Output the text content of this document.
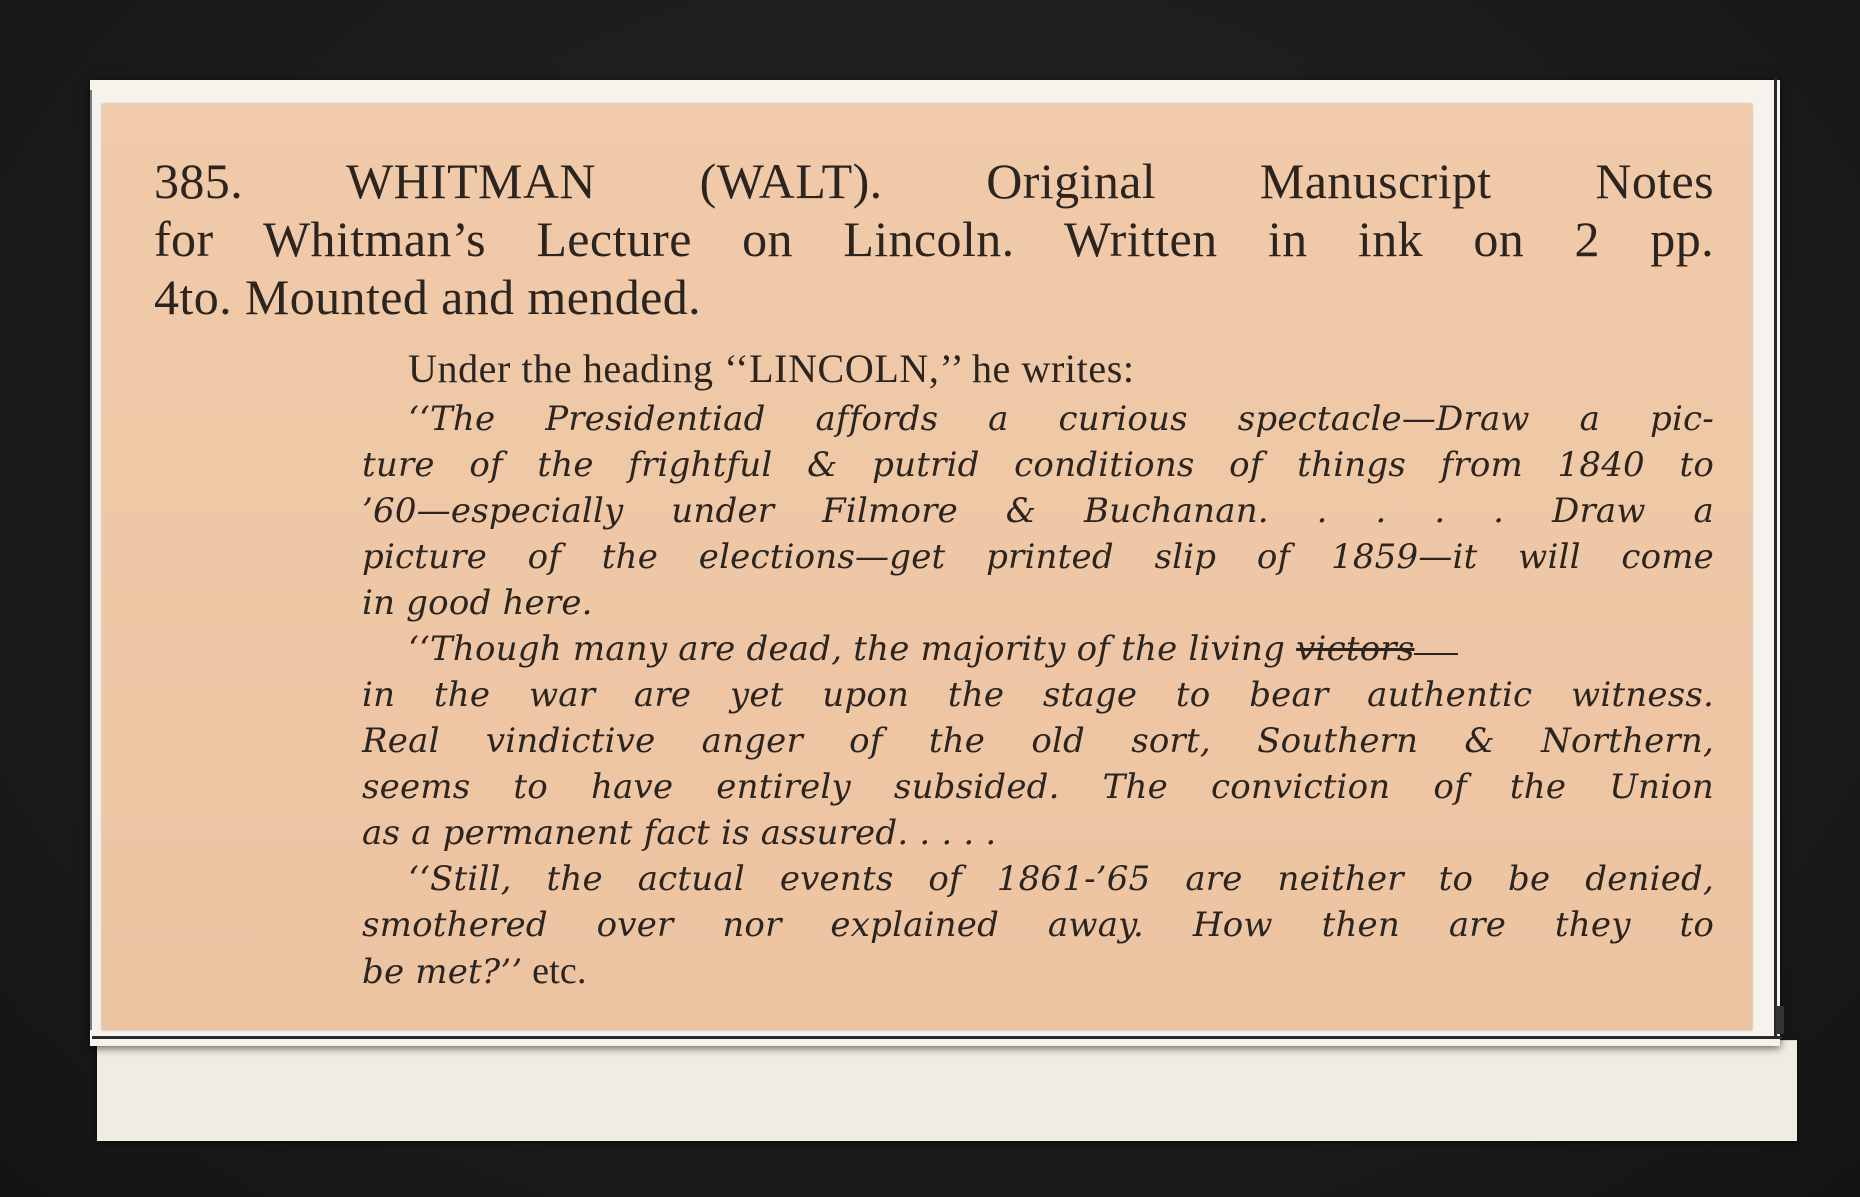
385. WHITMAN (WALT). Original Manuscript Notes
for Whitman’s Lecture on Lincoln. Written in ink on 2 pp.
4to. Mounted and mended.
Under the heading ‘‘LINCOLN,’’ he writes:
‘‘The Presidentiad affords a curious spectacle—Draw a pic-
ture of the frightful & putrid conditions of things from 1840 to
’60—especially under Filmore & Buchanan. . . . . Draw a
picture of the elections—get printed slip of 1859—it will come
in good here.
‘‘Though many are dead, the majority of the living victors
in the war are yet upon the stage to bear authentic witness.
Real vindictive anger of the old sort, Southern & Northern,
seems to have entirely subsided. The conviction of the Union
as a permanent fact is assured. . . . .
‘‘Still, the actual events of 1861-’65 are neither to be denied,
smothered over nor explained away. How then are they to
be met?’’ etc.
